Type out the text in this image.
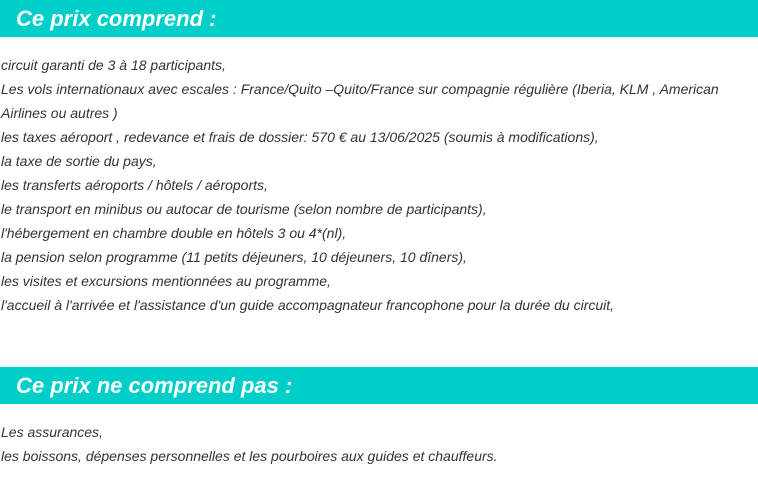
Ce prix comprend :
circuit garanti de 3 à 18 participants,
Les vols internationaux avec escales : France/Quito –Quito/France sur compagnie régulière (Iberia, KLM , American Airlines ou autres )
les taxes aéroport , redevance et frais de dossier: 570 € au 13/06/2025 (soumis à modifications),
la taxe de sortie du pays,
les transferts aéroports / hôtels / aéroports,
le transport en minibus ou autocar de tourisme (selon nombre de participants),
l'hébergement en chambre double en hôtels 3 ou 4*(nl),
la pension selon programme (11 petits déjeuners, 10 déjeuners, 10 dîners),
les visites et excursions mentionnées au programme,
l'accueil à l'arrivée et l'assistance d'un guide accompagnateur francophone pour la durée du circuit,
Ce prix ne comprend pas :
Les assurances,
les boissons, dépenses personnelles et les pourboires aux guides et chauffeurs.
